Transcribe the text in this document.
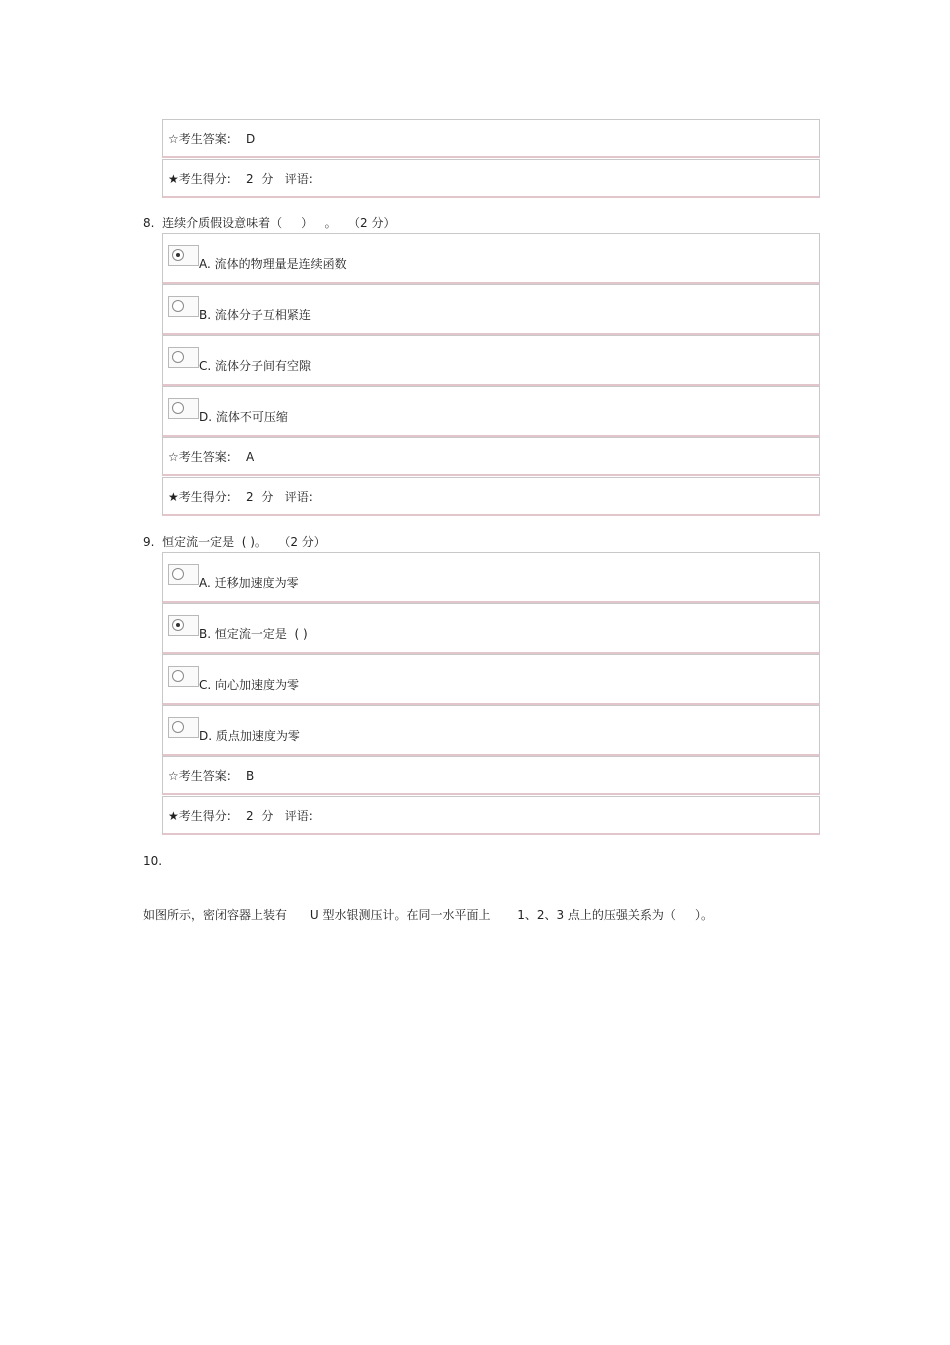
☆考生答案:    D
★考生得分:    2  分   评语:
8.  连续介质假设意味着（     ）   。   （2 分）
A. 流体的物理量是连续函数
B. 流体分子互相紧连
C. 流体分子间有空隙
D. 流体不可压缩
☆考生答案:    A
★考生得分:    2  分   评语:
9.  恒定流一定是  ( )。   （2 分）
A. 迁移加速度为零
B. 恒定流一定是  ( )
C. 向心加速度为零
D. 质点加速度为零
☆考生答案:    B
★考生得分:    2  分   评语:
10.
如图所示，密闭容器上装有      U 型水银测压计。在同一水平面上       1、2、3 点上的压强关系为（     ）。
